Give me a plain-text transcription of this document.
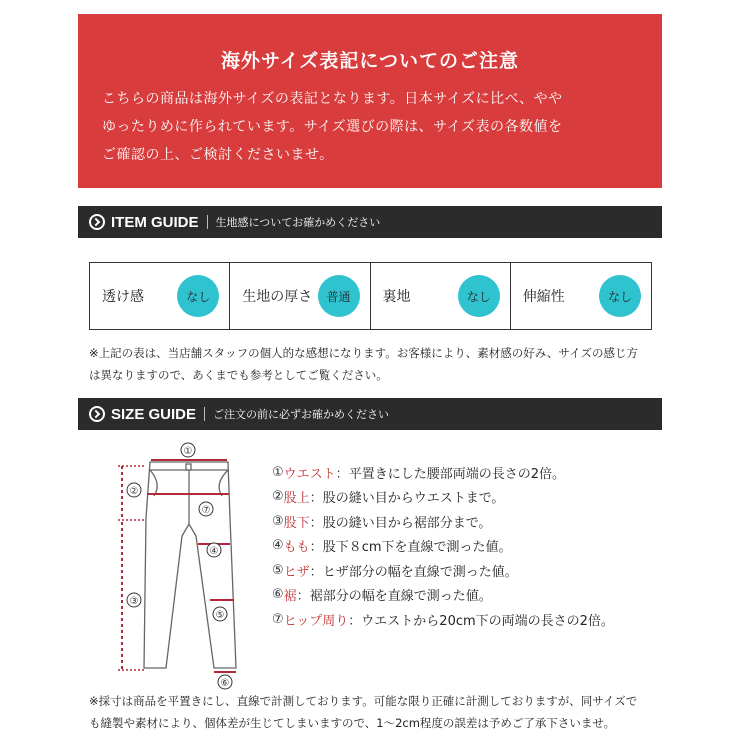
海外サイズ表記についてのご注意
こちらの商品は海外サイズの表記となります。日本サイズに比べ、やや
ゆったりめに作られています。サイズ選びの際は、サイズ表の各数値を
ご確認の上、ご検討くださいませ。
ITEM GUIDE 生地感についてお確かめください
透け感	なし	生地の厚さ	普通	裏地	なし	伸縮性	なし
※上記の表は、当店舗スタッフの個人的な感想になります。お客様により、素材感の好み、サイズの感じ方
は異なりますので、あくまでも参考としてご覧ください。
SIZE GUIDE ご注文の前に必ずお確かめください
①
②
⑦
④
③
⑤
⑥
① ウエスト ： 平置きにした腰部両端の長さの2倍。
② 股上 ： 股の縫い目からウエストまで。
③ 股下 ： 股の縫い目から裾部分まで。
④ もも ： 股下８cm下を直線で測った値。
⑤ ヒザ ： ヒザ部分の幅を直線で測った値。
⑥ 裾 ： 裾部分の幅を直線で測った値。
⑦ ヒップ周り ： ウエストから20cm下の両端の長さの2倍。
※採寸は商品を平置きにし、直線で計測しております。可能な限り正確に計測しておりますが、同サイズで
も縫製や素材により、個体差が生じてしまいますので、1〜2cm程度の誤差は予めご了承下さいませ。
